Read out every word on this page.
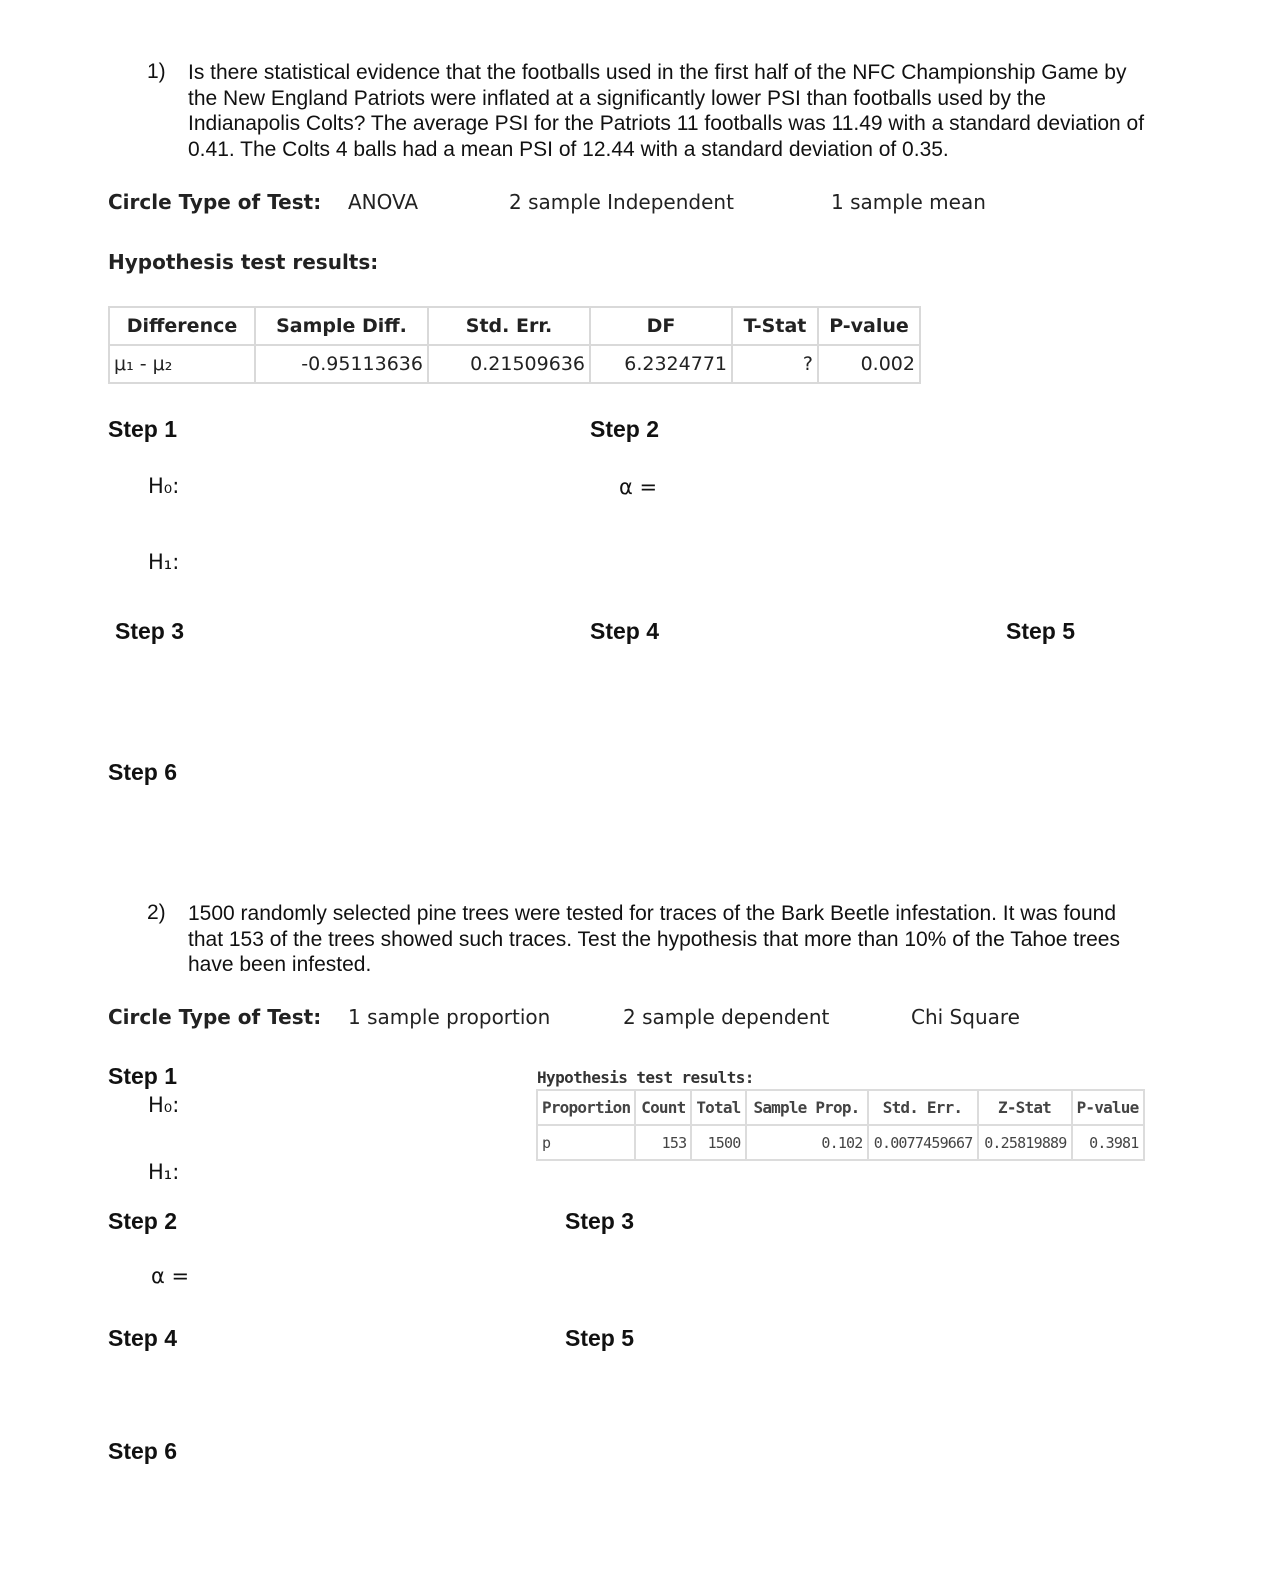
1) Is there statistical evidence that the footballs used in the first half of the NFC Championship Game by the New England Patriots were inflated at a significantly lower PSI than footballs used by the Indianapolis Colts? The average PSI for the Patriots 11 footballs was 11.49 with a standard deviation of 0.41. The Colts 4 balls had a mean PSI of 12.44 with a standard deviation of 0.35.
Circle Type of Test: ANOVA	2 sample Independent	1 sample mean
Hypothesis test results:
Difference	Sample Diff.	Std. Err.	DF	T-Stat	P-value
μ₁ - μ₂	-0.95113636	0.21509636	6.2324771	?	0.002
Step 1	Step 2
H₀:	α =
H₁:
Step 3	Step 4	Step 5
Step 6
2) 1500 randomly selected pine trees were tested for traces of the Bark Beetle infestation. It was found that 153 of the trees showed such traces. Test the hypothesis that more than 10% of the Tahoe trees have been infested.
Circle Type of Test: 1 sample proportion	2 sample dependent	Chi Square
Step 1
H₀:
Hypothesis test results:
Proportion	Count	Total	Sample Prop.	Std. Err.	Z-Stat	P-value
p	153	1500	0.102	0.0077459667	0.25819889	0.3981
H₁:
Step 2	Step 3
α =
Step 4	Step 5
Step 6
